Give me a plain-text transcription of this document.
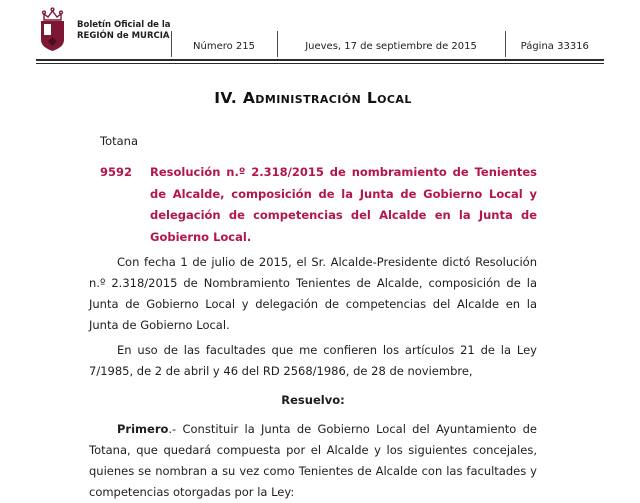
Boletín Oficial de la
REGIÓN de MURCIA
Número 215	Jueves, 17 de septiembre de 2015	Página 33316
IV. Administración Local
Totana
9592	Resolución n.º 2.318/2015 de nombramiento de Tenientes de Alcalde, composición de la Junta de Gobierno Local y delegación de competencias del Alcalde en la Junta de Gobierno Local.

Con fecha 1 de julio de 2015, el Sr. Alcalde-Presidente dictó Resolución n.º 2.318/2015 de Nombramiento Tenientes de Alcalde, composición de la Junta de Gobierno Local y delegación de competencias del Alcalde en la Junta de Gobierno Local.

En uso de las facultades que me confieren los artículos 21 de la Ley 7/1985, de 2 de abril y 46 del RD 2568/1986, de 28 de noviembre,

Resuelvo:

Primero.- Constituir la Junta de Gobierno Local del Ayuntamiento de Totana, que quedará compuesta por el Alcalde y los siguientes concejales, quienes se nombran a su vez como Tenientes de Alcalde con las facultades y competencias otorgadas por la Ley:
